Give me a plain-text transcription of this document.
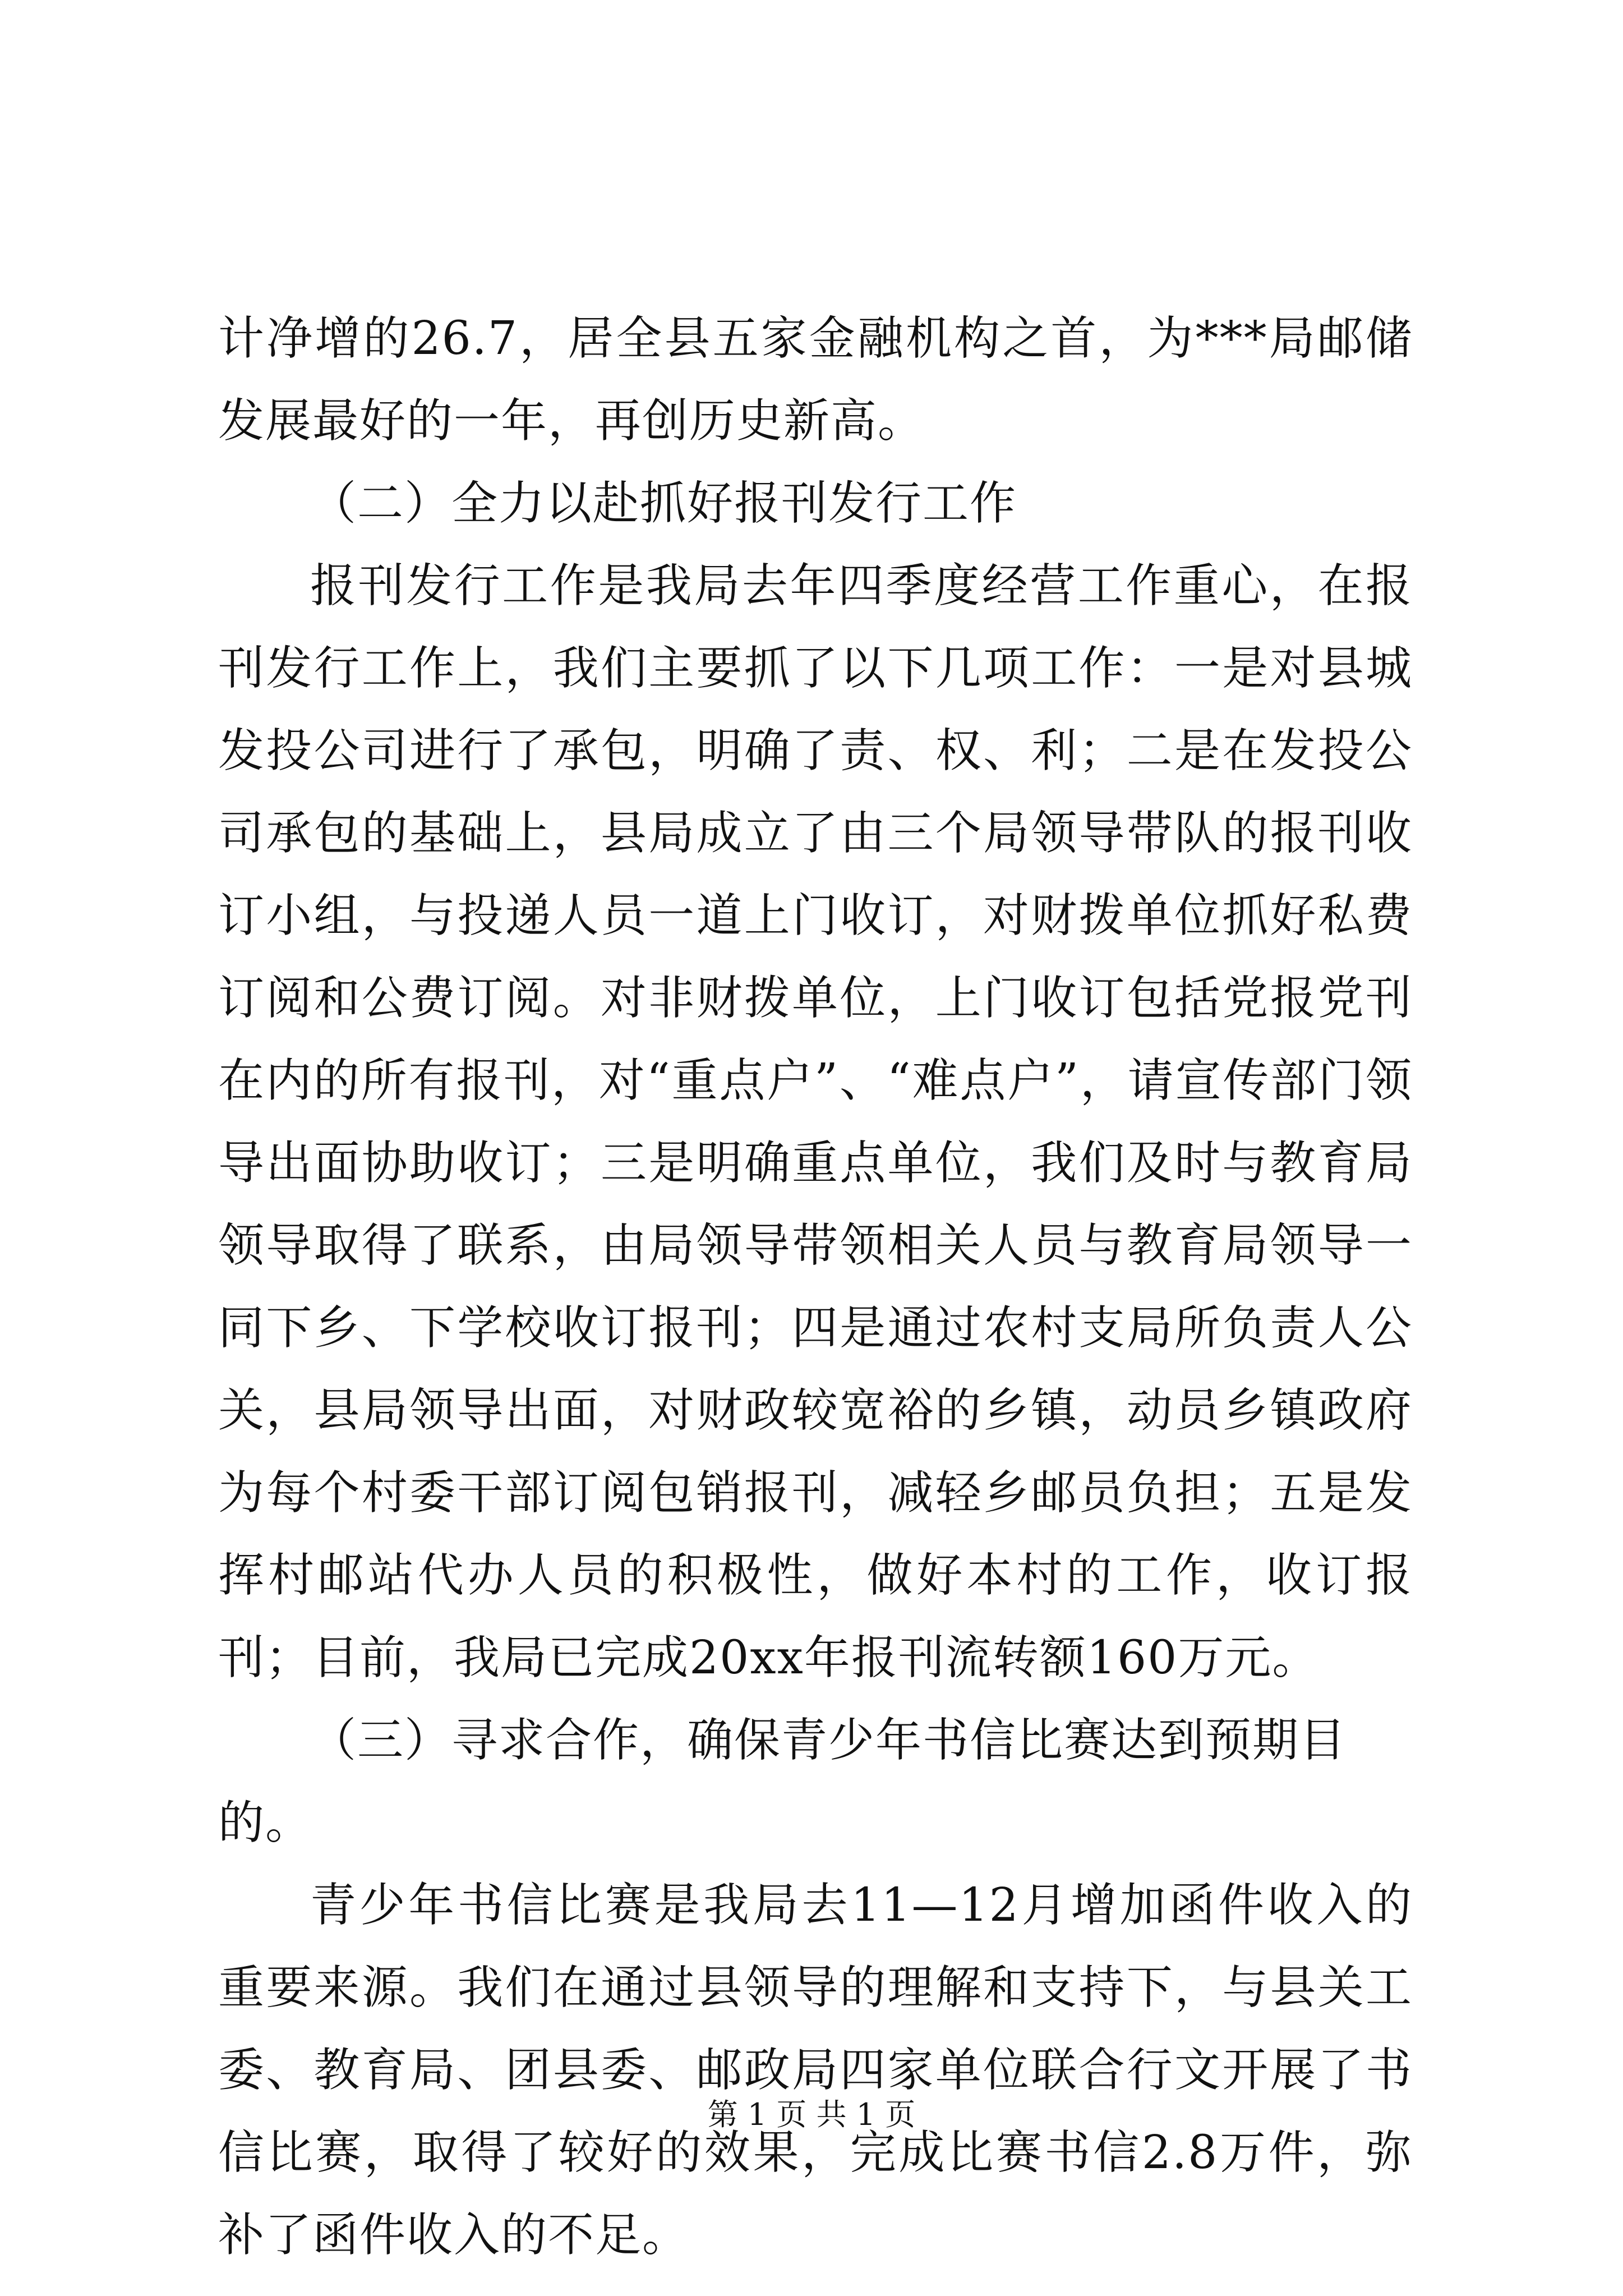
计净增的26.7，居全县五家金融机构之首，为***局邮储发展最好的一年，再创历史新高。

（二）全力以赴抓好报刊发行工作

报刊发行工作是我局去年四季度经营工作重心，在报刊发行工作上，我们主要抓了以下几项工作：一是对县城发投公司进行了承包，明确了责、权、利；二是在发投公司承包的基础上，县局成立了由三个局领导带队的报刊收订小组，与投递人员一道上门收订，对财拨单位抓好私费订阅和公费订阅。对非财拨单位，上门收订包括党报党刊在内的所有报刊，对“重点户”、“难点户”，请宣传部门领导出面协助收订；三是明确重点单位，我们及时与教育局领导取得了联系，由局领导带领相关人员与教育局领导一同下乡、下学校收订报刊；四是通过农村支局所负责人公关，县局领导出面，对财政较宽裕的乡镇，动员乡镇政府为每个村委干部订阅包销报刊，减轻乡邮员负担；五是发挥村邮站代办人员的积极性，做好本村的工作，收订报刊；目前，我局已完成20xx年报刊流转额160万元。

（三）寻求合作，确保青少年书信比赛达到预期目的。

青少年书信比赛是我局去11—12月增加函件收入的重要来源。我们在通过县领导的理解和支持下，与县关工委、教育局、团县委、邮政局四家单位联合行文开展了书信比赛，取得了较好的效果，完成比赛书信2.8万件，弥补了函件收入的不足。

第 1 页 共 1 页
